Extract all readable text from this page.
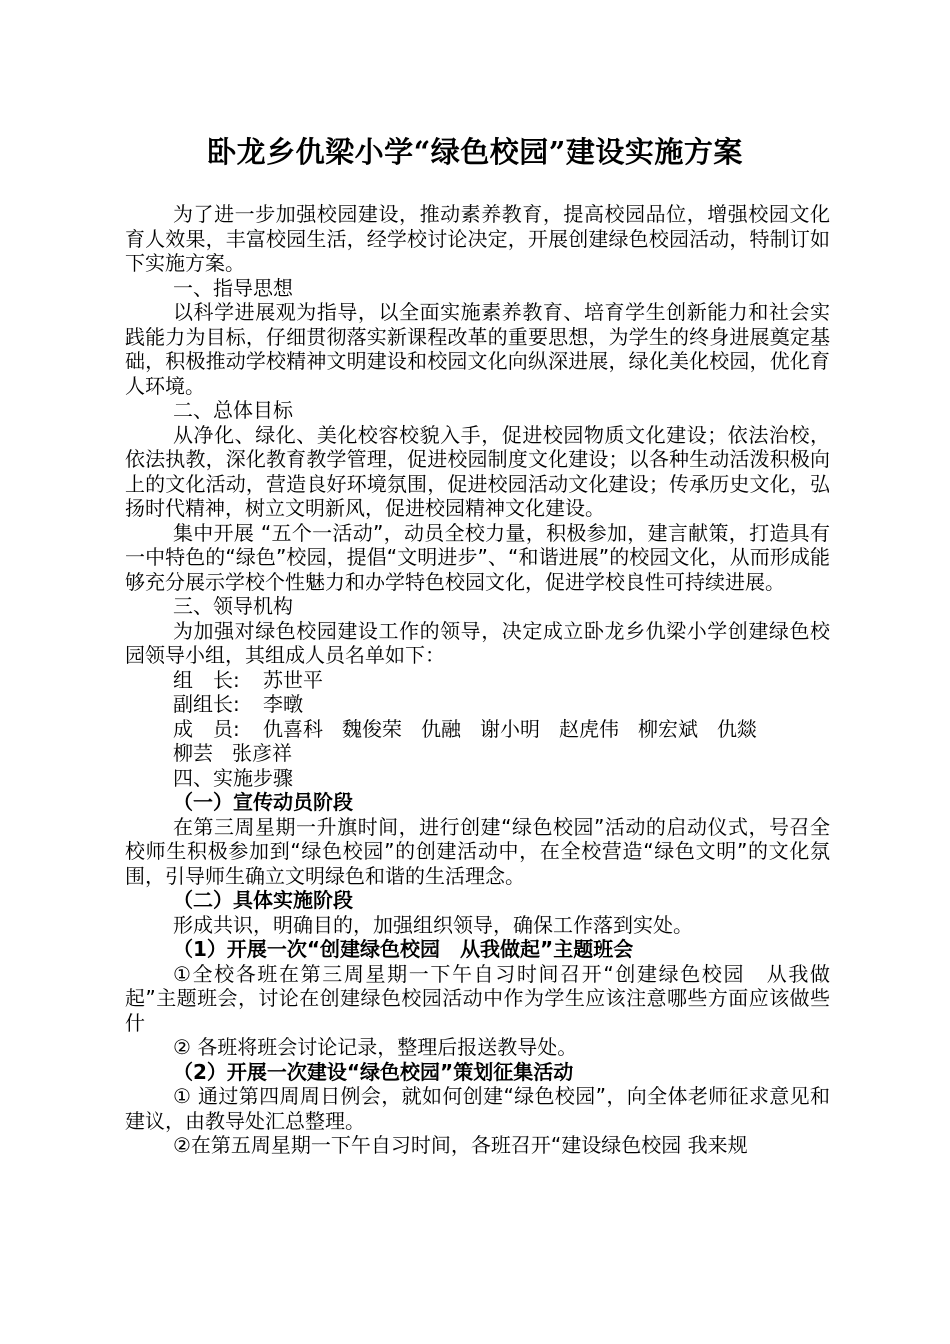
卧龙乡仇梁小学“绿色校园”建设实施方案

为了进一步加强校园建设，推动素养教育，提高校园品位，增强校园文化育人效果，丰富校园生活，经学校讨论决定，开展创建绿色校园活动，特制订如下实施方案。

一、指导思想

以科学进展观为指导，以全面实施素养教育、培育学生创新能力和社会实践能力为目标，仔细贯彻落实新课程改革的重要思想，为学生的终身进展奠定基础，积极推动学校精神文明建设和校园文化向纵深进展，绿化美化校园，优化育人环境。

二、总体目标

从净化、绿化、美化校容校貌入手，促进校园物质文化建设；依法治校，依法执教，深化教育教学管理，促进校园制度文化建设；以各种生动活泼积极向上的文化活动，营造良好环境氛围，促进校园活动文化建设；传承历史文化，弘扬时代精神，树立文明新风，促进校园精神文化建设。

集中开展 “五个一活动”，动员全校力量，积极参加，建言献策，打造具有一中特色的“绿色”校园，提倡“文明进步”、“和谐进展”的校园文化，从而形成能够充分展示学校个性魅力和办学特色校园文化，促进学校良性可持续进展。

三、领导机构

为加强对绿色校园建设工作的领导，决定成立卧龙乡仇梁小学创建绿色校园领导小组，其组成人员名单如下：

组　长: 苏世平

副组长: 李暾

成　员: 仇喜科 魏俊荣 仇融 谢小明 赵虎伟 柳宏斌 仇燚

柳芸 张彦祥

四、实施步骤

（一）宣传动员阶段

在第三周星期一升旗时间，进行创建“绿色校园”活动的启动仪式，号召全校师生积极参加到“绿色校园”的创建活动中，在全校营造“绿色文明”的文化氛围，引导师生确立文明绿色和谐的生活理念。

（二）具体实施阶段

形成共识，明确目的，加强组织领导，确保工作落到实处。

（1）开展一次“创建绿色校园　从我做起”主题班会

①全校各班在第三周星期一下午自习时间召开“创建绿色校园　从我做起”主题班会，讨论在创建绿色校园活动中作为学生应该注意哪些方面应该做些什

② 各班将班会讨论记录，整理后报送教导处。

（2）开展一次建设“绿色校园”策划征集活动

① 通过第四周周日例会，就如何创建“绿色校园”，向全体老师征求意见和建议，由教导处汇总整理。

②在第五周星期一下午自习时间，各班召开“建设绿色校园 我来规
